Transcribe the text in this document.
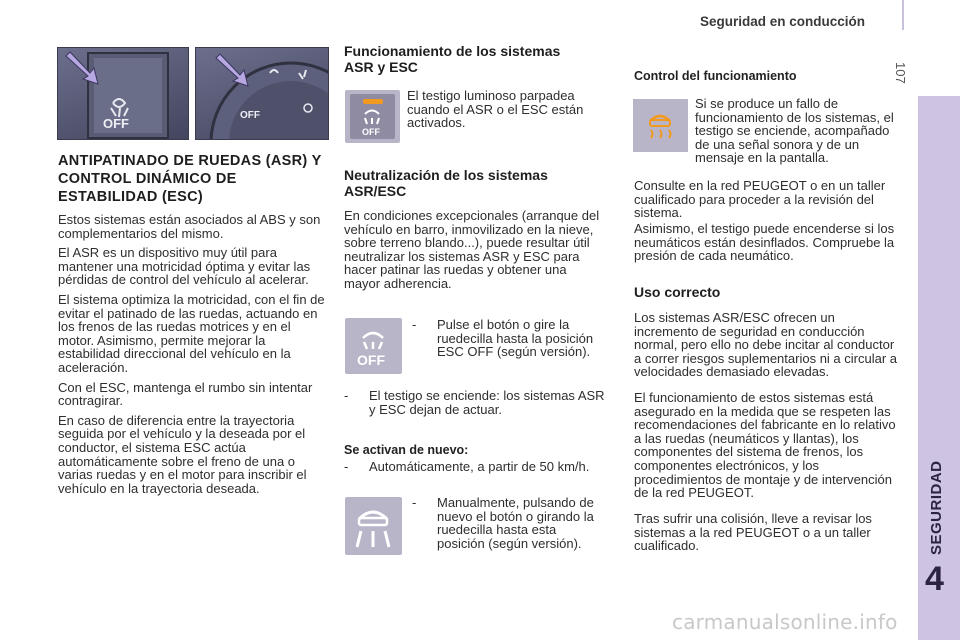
Seguridad en conducción
107
SEGURIDAD
4
OFF
OFF
ANTIPATINADO DE RUEDAS (ASR) Y CONTROL DINÁMICO DE ESTABILIDAD (ESC)

Estos sistemas están asociados al ABS y son complementarios del mismo.

El ASR es un dispositivo muy útil para mantener una motricidad óptima y evitar las pérdidas de control del vehículo al acelerar.

El sistema optimiza la motricidad, con el fin de evitar el patinado de las ruedas, actuando en los frenos de las ruedas motrices y en el motor. Asimismo, permite mejorar la estabilidad direccional del vehículo en la aceleración.

Con el ESC, mantenga el rumbo sin intentar contragirar.

En caso de diferencia entre la trayectoria seguida por el vehículo y la deseada por el conductor, el sistema ESC actúa automáticamente sobre el freno de una o varias ruedas y en el motor para inscribir el vehículo en la trayectoria deseada.

Funcionamiento de los sistemas ASR y ESC
OFF
El testigo luminoso parpadea cuando el ASR o el ESC están activados.
Neutralización de los sistemas ASR/ESC
En condiciones excepcionales (arranque del vehículo en barro, inmovilizado en la nieve, sobre terreno blando...), puede resultar útil neutralizar los sistemas ASR y ESC para hacer patinar las ruedas y obtener una mayor adherencia.
OFF
- Pulse el botón o gire la ruedecilla hasta la posición ESC OFF (según versión).
- El testigo se enciende: los sistemas ASR y ESC dejan de actuar.
Se activan de nuevo:
- Automáticamente, a partir de 50 km/h.
- Manualmente, pulsando de nuevo el botón o girando la ruedecilla hasta esta posición (según versión).
Control del funcionamiento
Si se produce un fallo de funcionamiento de los sistemas, el testigo se enciende, acompañado de una señal sonora y de un mensaje en la pantalla.
Consulte en la red PEUGEOT o en un taller cualificado para proceder a la revisión del sistema.
Asimismo, el testigo puede encenderse si los neumáticos están desinflados. Compruebe la presión de cada neumático.
Uso correcto
Los sistemas ASR/ESC ofrecen un incremento de seguridad en conducción normal, pero ello no debe incitar al conductor a correr riesgos suplementarios ni a circular a velocidades demasiado elevadas.
El funcionamiento de estos sistemas está asegurado en la medida que se respeten las recomendaciones del fabricante en lo relativo a las ruedas (neumáticos y llantas), los componentes del sistema de frenos, los componentes electrónicos, y los procedimientos de montaje y de intervención de la red PEUGEOT.
Tras sufrir una colisión, lleve a revisar los sistemas a la red PEUGEOT o a un taller cualificado.
carmanualsonline.info
